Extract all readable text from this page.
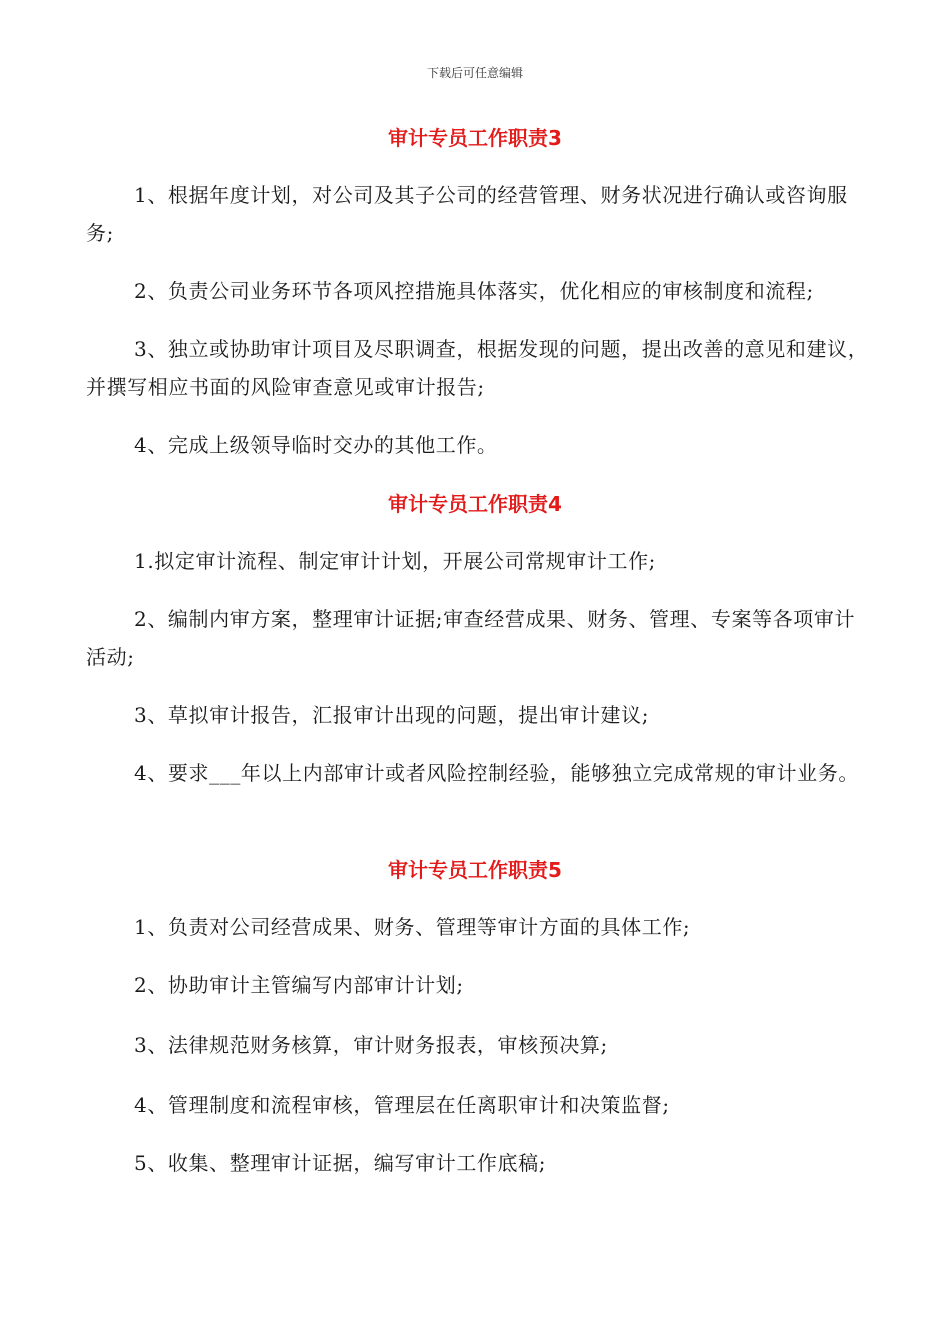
下载后可任意编辑
审计专员工作职责3

1、根据年度计划，对公司及其子公司的经营管理、财务状况进行确认或咨询服务;

2、负责公司业务环节各项风控措施具体落实，优化相应的审核制度和流程;

3、独立或协助审计项目及尽职调查，根据发现的问题，提出改善的意见和建议，并撰写相应书面的风险审查意见或审计报告;

4、完成上级领导临时交办的其他工作。

审计专员工作职责4

1.拟定审计流程、制定审计计划，开展公司常规审计工作;

2、编制内审方案，整理审计证据;审查经营成果、财务、管理、专案等各项审计活动;

3、草拟审计报告，汇报审计出现的问题，提出审计建议;

4、要求___年以上内部审计或者风险控制经验，能够独立完成常规的审计业务。

审计专员工作职责5

1、负责对公司经营成果、财务、管理等审计方面的具体工作;

2、协助审计主管编写内部审计计划;

3、法律规范财务核算，审计财务报表，审核预决算;

4、管理制度和流程审核，管理层在任离职审计和决策监督;

5、收集、整理审计证据，编写审计工作底稿;
